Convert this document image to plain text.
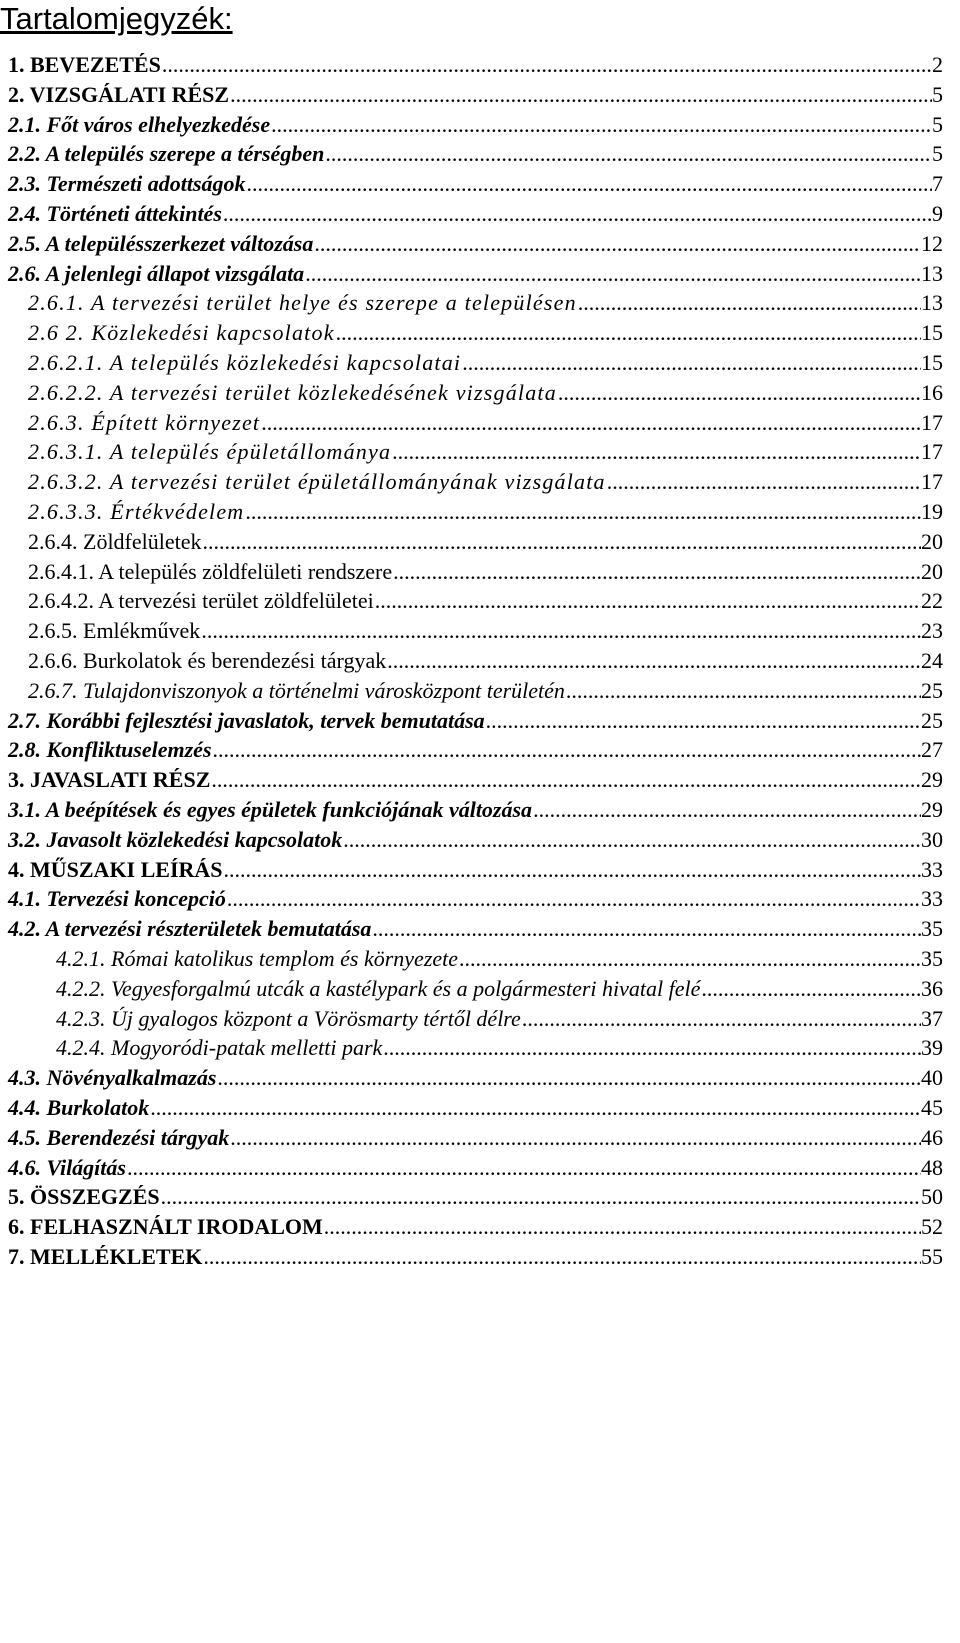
Tartalomjegyzék:
1. BEVEZETÉS .....	2
2. VIZSGÁLATI RÉSZ .....	5
2.1. Főt város elhelyezkedése .....	5
2.2. A település szerepe a térségben .....	5
2.3. Természeti adottságok .....	7
2.4. Történeti áttekintés .....	9
2.5. A településszerkezet változása .....	12
2.6. A jelenlegi állapot vizsgálata .....	13
2.6.1. A tervezési terület helye és szerepe a településen .....	13
2.6 2. Közlekedési kapcsolatok .....	15
2.6.2.1. A település közlekedési kapcsolatai .....	15
2.6.2.2. A tervezési terület közlekedésének vizsgálata .....	16
2.6.3. Épített környezet .....	17
2.6.3.1. A település épületállománya .....	17
2.6.3.2. A tervezési terület épületállományának vizsgálata .....	17
2.6.3.3. Értékvédelem .....	19
2.6.4. Zöldfelületek .....	20
2.6.4.1. A település zöldfelületi rendszere .....	20
2.6.4.2. A tervezési terület zöldfelületei .....	22
2.6.5. Emlékművek .....	23
2.6.6. Burkolatok és berendezési tárgyak .....	24
2.6.7. Tulajdonviszonyok a történelmi városközpont területén .....	25
2.7. Korábbi fejlesztési javaslatok, tervek bemutatása .....	25
2.8. Konfliktuselemzés .....	27
3. JAVASLATI RÉSZ .....	29
3.1. A beépítések és egyes épületek funkciójának változása .....	29
3.2. Javasolt közlekedési kapcsolatok .....	30
4. MŰSZAKI LEÍRÁS .....	33
4.1. Tervezési koncepció .....	33
4.2. A tervezési részterületek bemutatása .....	35
4.2.1. Római katolikus templom és környezete .....	35
4.2.2. Vegyesforgalmú utcák a kastélypark és a polgármesteri hivatal felé .....	36
4.2.3. Új gyalogos központ a Vörösmarty tértől délre .....	37
4.2.4. Mogyoródi-patak melletti park .....	39
4.3. Növényalkalmazás .....	40
4.4. Burkolatok .....	45
4.5. Berendezési tárgyak .....	46
4.6. Világítás .....	48
5. ÖSSZEGZÉS .....	50
6. FELHASZNÁLT IRODALOM .....	52
7. MELLÉKLETEK .....	55
